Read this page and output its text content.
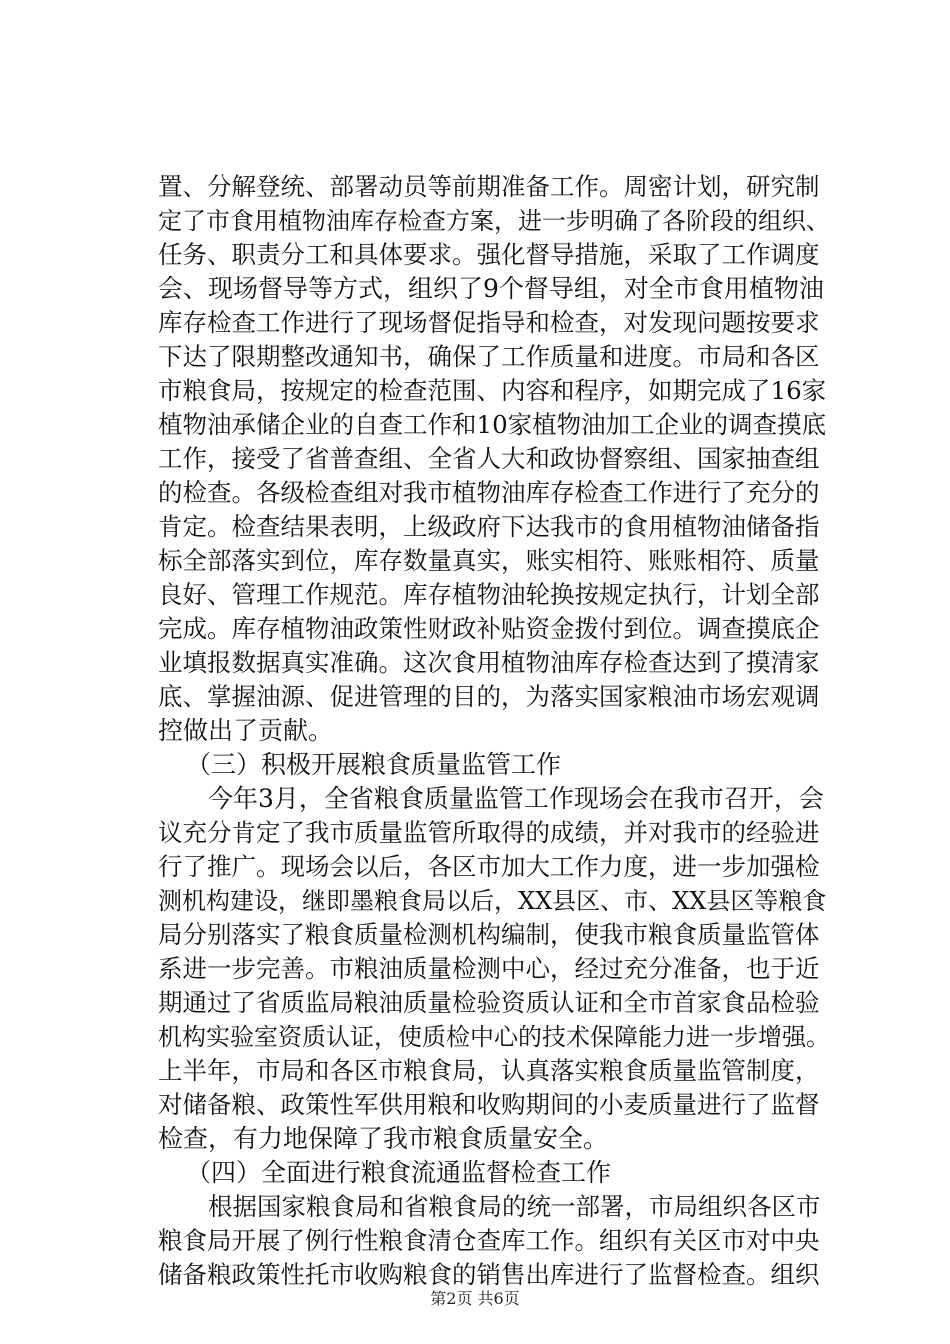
置、分解登统、部署动员等前期准备工作。周密计划，研究制
定了市食用植物油库存检查方案，进一步明确了各阶段的组织、
任务、职责分工和具体要求。强化督导措施，采取了工作调度
会、现场督导等方式，组织了9个督导组，对全市食用植物油
库存检查工作进行了现场督促指导和检查，对发现问题按要求
下达了限期整改通知书，确保了工作质量和进度。市局和各区
市粮食局，按规定的检查范围、内容和程序，如期完成了16家
植物油承储企业的自查工作和10家植物油加工企业的调查摸底
工作，接受了省普查组、全省人大和政协督察组、国家抽查组
的检查。各级检查组对我市植物油库存检查工作进行了充分的
肯定。检查结果表明，上级政府下达我市的食用植物油储备指
标全部落实到位，库存数量真实，账实相符、账账相符、质量
良好、管理工作规范。库存植物油轮换按规定执行，计划全部
完成。库存植物油政策性财政补贴资金拨付到位。调查摸底企
业填报数据真实准确。这次食用植物油库存检查达到了摸清家
底、掌握油源、促进管理的目的，为落实国家粮油市场宏观调
控做出了贡献。
（三）积极开展粮食质量监管工作
今年3月，全省粮食质量监管工作现场会在我市召开，会
议充分肯定了我市质量监管所取得的成绩，并对我市的经验进
行了推广。现场会以后，各区市加大工作力度，进一步加强检
测机构建设，继即墨粮食局以后，XX县区、市、XX县区等粮食
局分别落实了粮食质量检测机构编制，使我市粮食质量监管体
系进一步完善。市粮油质量检测中心，经过充分准备，也于近
期通过了省质监局粮油质量检验资质认证和全市首家食品检验
机构实验室资质认证，使质检中心的技术保障能力进一步增强。
上半年，市局和各区市粮食局，认真落实粮食质量监管制度，
对储备粮、政策性军供用粮和收购期间的小麦质量进行了监督
检查，有力地保障了我市粮食质量安全。
（四）全面进行粮食流通监督检查工作
根据国家粮食局和省粮食局的统一部署，市局组织各区市
粮食局开展了例行性粮食清仓查库工作。组织有关区市对中央
储备粮政策性托市收购粮食的销售出库进行了监督检查。组织
第2页 共6页
